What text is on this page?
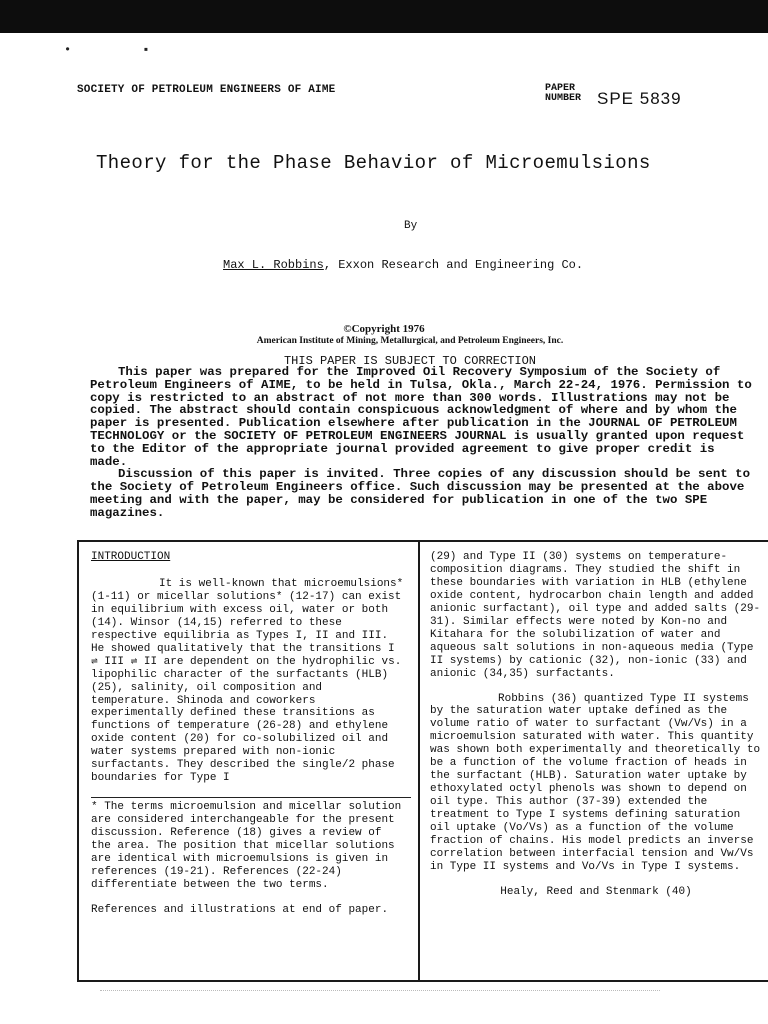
• ▪
SOCIETY OF PETROLEUM ENGINEERS OF AIME	PAPER
NUMBER SPE 5839
Theory for the Phase Behavior of Microemulsions
By
Max L. Robbins, Exxon Research and Engineering Co.
©Copyright 1976
American Institute of Mining, Metallurgical, and Petroleum Engineers, Inc.
THIS PAPER IS SUBJECT TO CORRECTION

This paper was prepared for the Improved Oil Recovery Symposium of the Society of Petroleum Engineers of AIME, to be held in Tulsa, Okla., March 22-24, 1976. Permission to copy is restricted to an abstract of not more than 300 words. Illustrations may not be copied. The abstract should contain conspicuous acknowledgment of where and by whom the paper is presented. Publication elsewhere after publication in the JOURNAL OF PETROLEUM TECHNOLOGY or the SOCIETY OF PETROLEUM ENGINEERS JOURNAL is usually granted upon request to the Editor of the appropriate journal provided agreement to give proper credit is made.

Discussion of this paper is invited. Three copies of any discussion should be sent to the Society of Petroleum Engineers office. Such discussion may be presented at the above meeting and with the paper, may be considered for publication in one of the two SPE magazines.

INTRODUCTION

It is well-known that microemulsions* (1-11) or micellar solutions* (12-17) can exist in equilibrium with excess oil, water or both (14). Winsor (14,15) referred to these respective equilibria as Types I, II and III. He showed qualitatively that the transitions I ⇌ III ⇌ II are dependent on the hydrophilic vs. lipophilic character of the surfactants (HLB) (25), salinity, oil composition and temperature. Shinoda and coworkers experimentally defined these transitions as functions of temperature (26-28) and ethylene oxide content (20) for co-solubilized oil and water systems prepared with non-ionic surfactants. They described the single/2 phase boundaries for Type I

* The terms microemulsion and micellar solution are considered interchangeable for the present discussion. Reference (18) gives a review of the area. The position that micellar solutions are identical with microemulsions is given in references (19-21). References (22-24) differentiate between the two terms.

References and illustrations at end of paper.

(29) and Type II (30) systems on temperature-composition diagrams. They studied the shift in these boundaries with variation in HLB (ethylene oxide content, hydrocarbon chain length and added anionic surfactant), oil type and added salts (29-31). Similar effects were noted by Kon-no and Kitahara for the solubilization of water and aqueous salt solutions in non-aqueous media (Type II systems) by cationic (32), non-ionic (33) and anionic (34,35) surfactants.

Robbins (36) quantized Type II systems by the saturation water uptake defined as the volume ratio of water to surfactant (Vw/Vs) in a microemulsion saturated with water. This quantity was shown both experimentally and theoretically to be a function of the volume fraction of heads in the surfactant (HLB). Saturation water uptake by ethoxylated octyl phenols was shown to depend on oil type. This author (37-39) extended the treatment to Type I systems defining saturation oil uptake (Vo/Vs) as a function of the volume fraction of chains. His model predicts an inverse correlation between interfacial tension and Vw/Vs in Type II systems and Vo/Vs in Type I systems.

Healy, Reed and Stenmark (40)
